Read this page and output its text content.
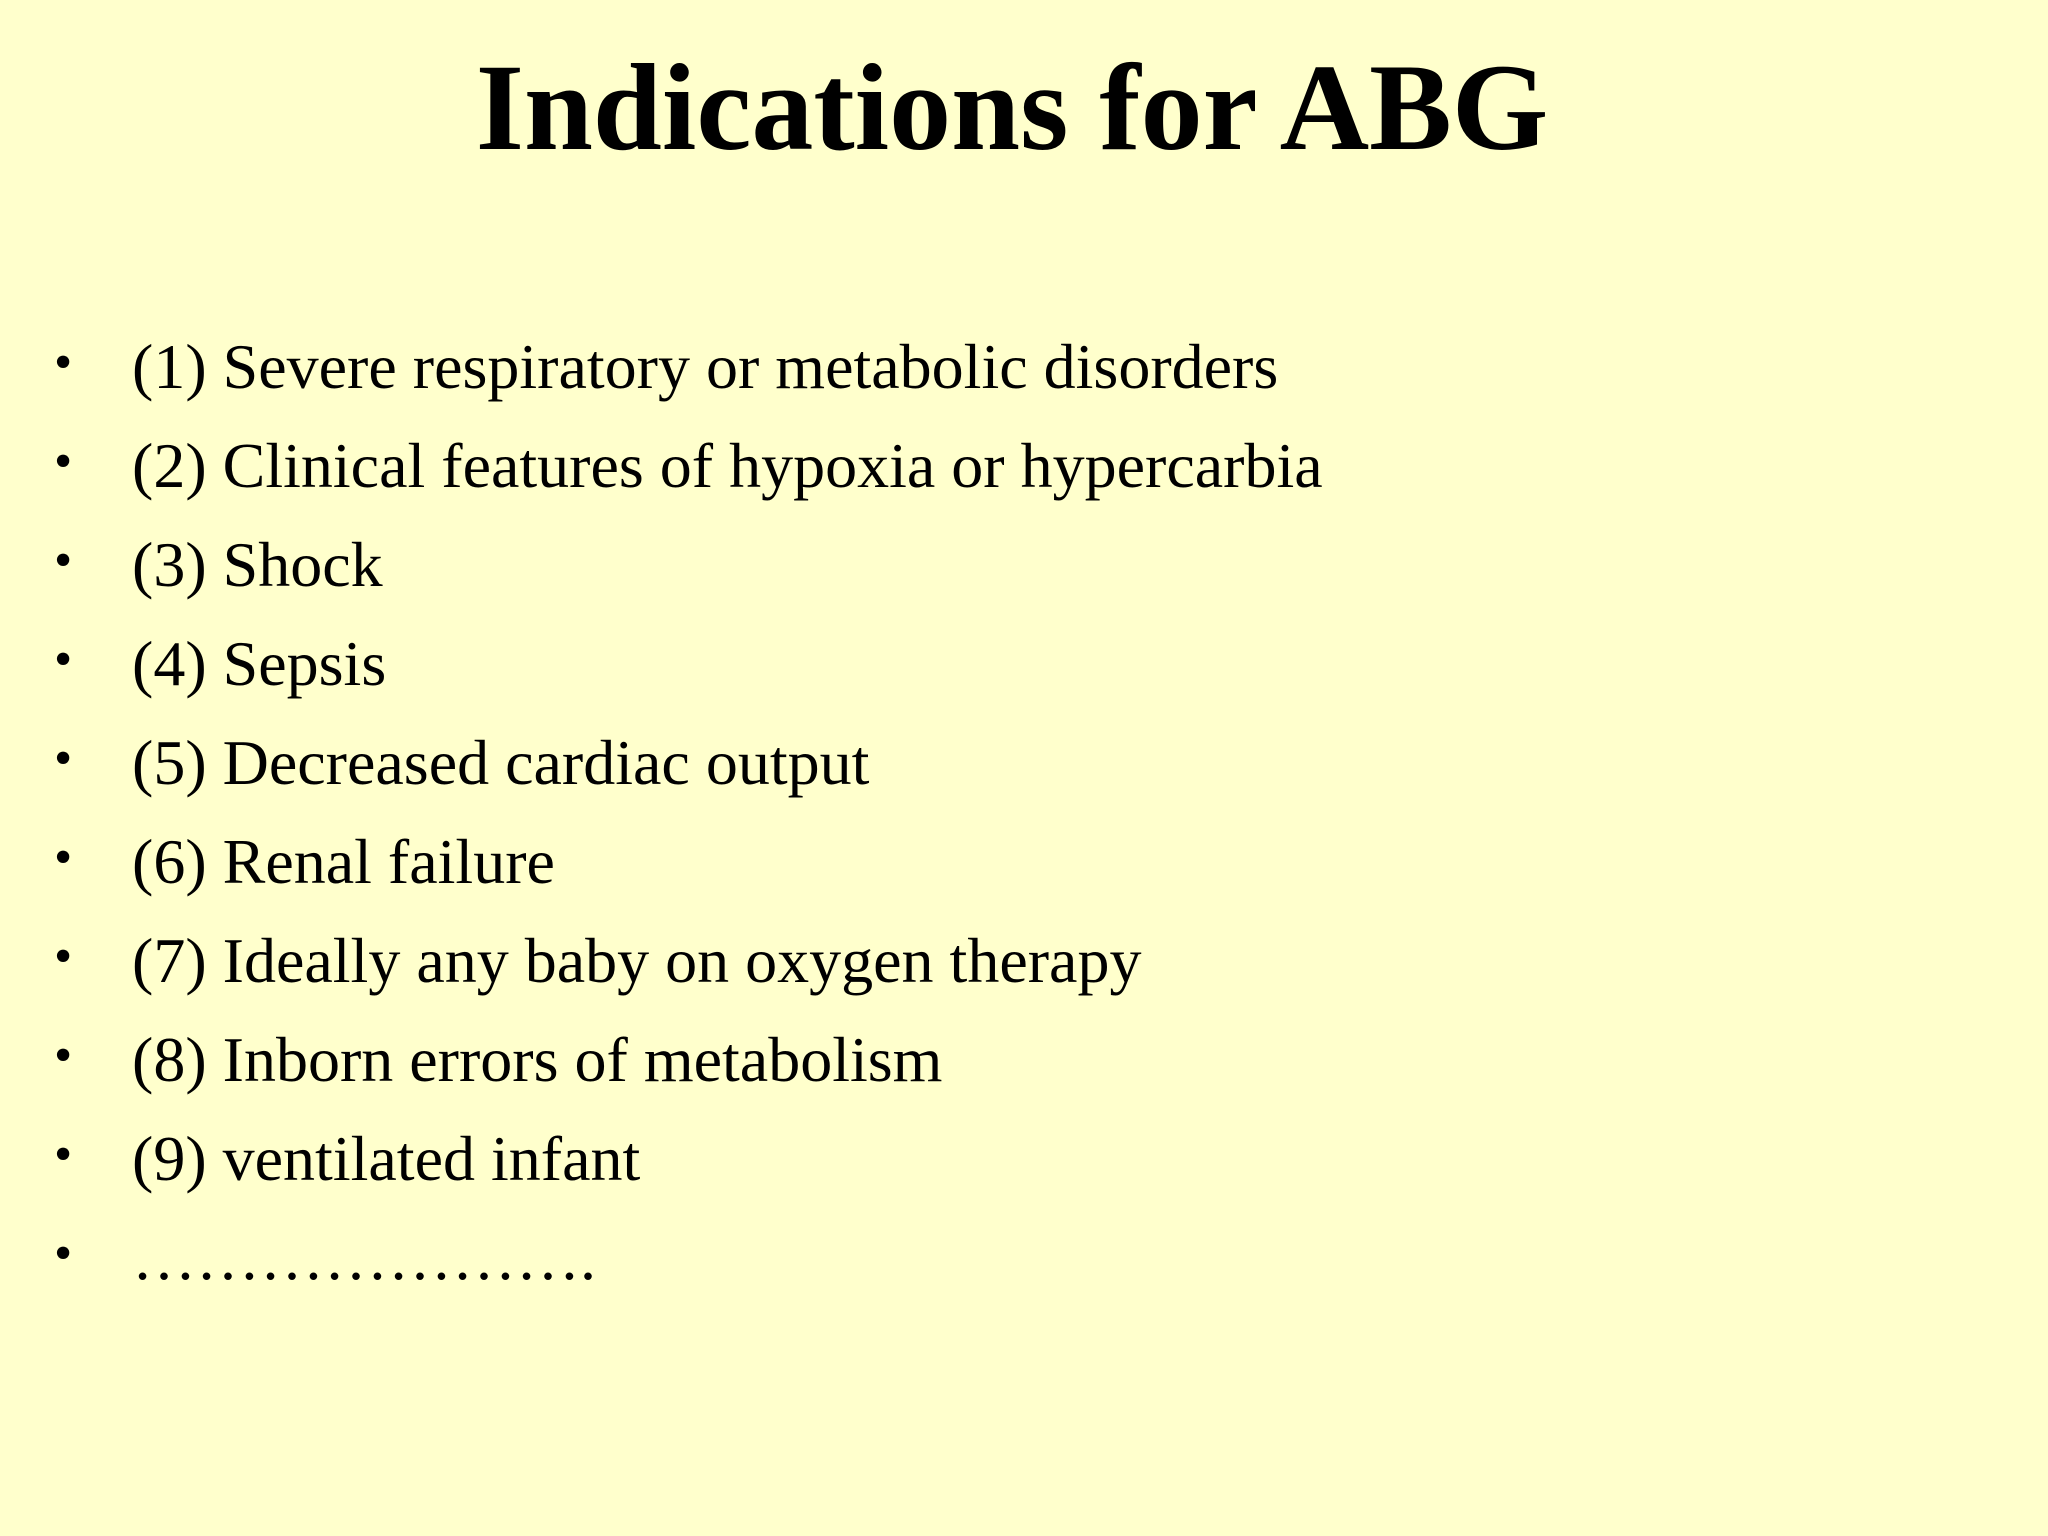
Indications for ABG
• (1) Severe respiratory or metabolic disorders
• (2) Clinical features of hypoxia or hypercarbia
• (3) Shock
• (4) Sepsis
• (5) Decreased cardiac output
• (6) Renal failure
• (7) Ideally any baby on oxygen therapy
• (8) Inborn errors of metabolism
• (9) ventilated infant
• ………………….
